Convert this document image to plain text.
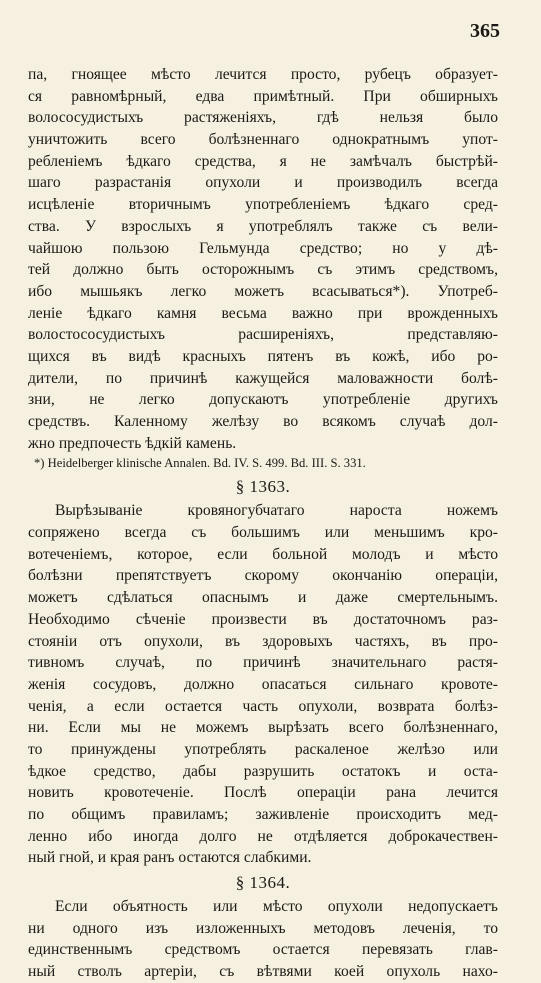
365
па, гноящее мѣсто лечится просто, рубецъ образует-
ся равномѣрный, едва примѣтный. При обширныхъ
волососудистыхъ растяженiяхъ, гдѣ нельзя было
уничтожить всего болѣзненнаго однократнымъ упот-
ребленiемъ ѣдкаго средства, я не замѣчалъ быстрѣй-
шаго разрастанiя опухоли и производилъ всегда
исцѣленiе вторичнымъ употребленiемъ ѣдкаго сред-
ства. У взрослыхъ я употреблялъ также съ вели-
чайшою пользою Гельмунда средство; но у дѣ-
тей должно быть осторожнымъ съ этимъ средствомъ,
ибо мышьякъ легко можетъ всасываться*). Употреб-
ленiе ѣдкаго камня весьма важно при врожденныхъ
волостососудистыхъ расширенiяхъ, представляю-
щихся въ видѣ красныхъ пятенъ въ кожѣ, ибо ро-
дители, по причинѣ кажущейся маловажности болѣ-
зни, не легко допускаютъ употребленiе другихъ
средствъ. Каленному желѣзу во всякомъ случаѣ дол-
жно предпочесть ѣдкiй камень.
*) Heidelberger klinische Annalen. Bd. IV. S. 499. Bd. III. S. 331.
§ 1363.
Вырѣзыванiе кровяногубчатаго нароста ножемъ
сопряжено всегда съ большимъ или меньшимъ кро-
вотеченiемъ, которое, если больной молодъ и мѣсто
болѣзни препятствуетъ скорому окончанiю операцiи,
можетъ сдѣлаться опаснымъ и даже смертельнымъ.
Необходимо сѣченiе произвести въ достаточномъ раз-
стоянiи отъ опухоли, въ здоровыхъ частяхъ, въ про-
тивномъ случаѣ, по причинѣ значительнаго растя-
женiя сосудовъ, должно опасаться сильнаго кровоте-
ченiя, а если остается часть опухоли, возврата болѣз-
ни. Если мы не можемъ вырѣзать всего болѣзненнаго,
то принуждены употреблять раскаленое желѣзо или
ѣдкое средство, дабы разрушить остатокъ и оста-
новить кровотеченiе. Послѣ операцiи рана лечится
по общимъ правиламъ; заживленiе происходитъ мед-
ленно ибо иногда долго не отдѣляется доброкачествен-
ный гной, и края ранъ остаются слабкими.
§ 1364.
Если объятность или мѣсто опухоли недопускаетъ
ни одного изъ изложенныхъ методовъ леченiя, то
единственнымъ средствомъ остается перевязать глав-
ный стволъ артерiи, съ вѣтвями коей опухоль нахо-
